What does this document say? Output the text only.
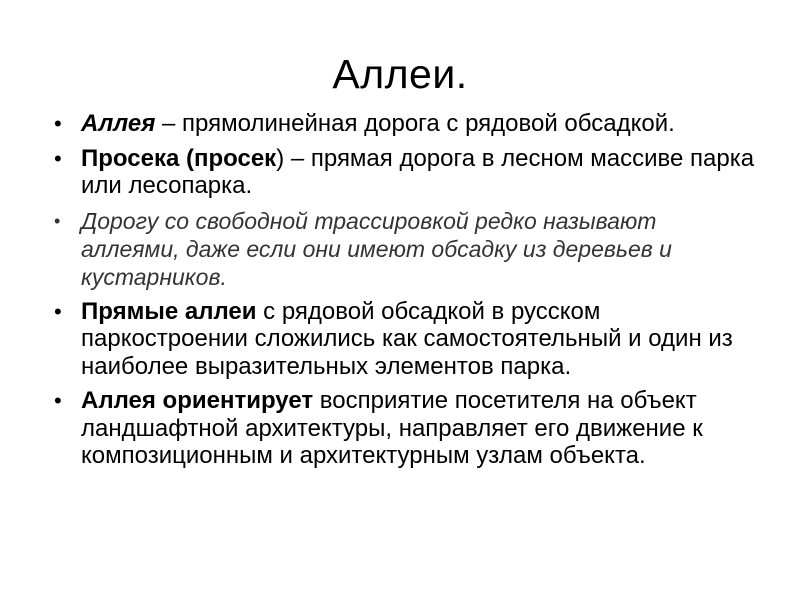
Аллеи.
• Аллея – прямолинейная дорога с рядовой обсадкой.
• Просека (просек) – прямая дорога в лесном массиве парка или лесопарка.
• Дорогу со свободной трассировкой редко называют аллеями, даже если они имеют обсадку из деревьев и кустарников.
• Прямые аллеи с рядовой обсадкой в русском паркостроении сложились как самостоятельный и один из наиболее выразительных элементов парка.
• Аллея ориентирует восприятие посетителя на объект ландшафтной архитектуры, направляет его движение к композиционным и архитектурным узлам объекта.
